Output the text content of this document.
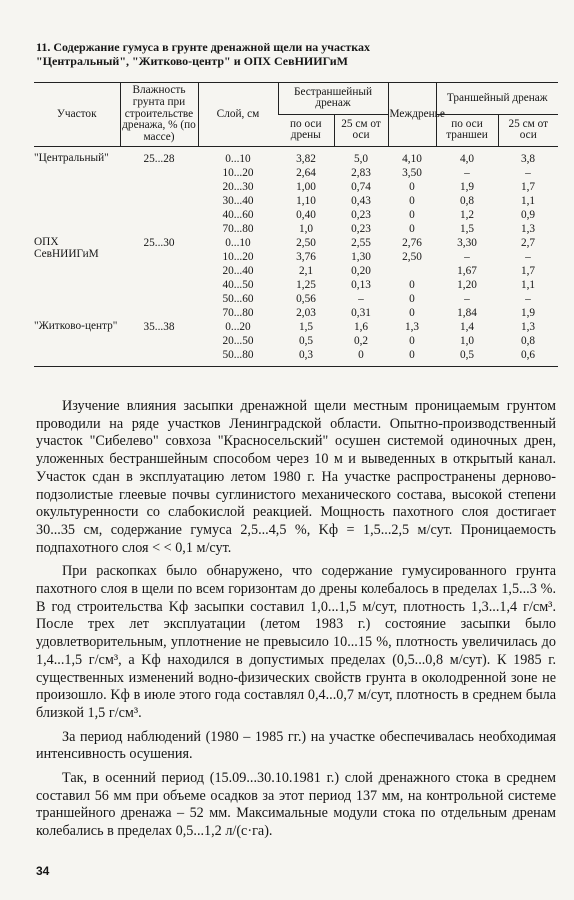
11. Содержание гумуса в грунте дренажной щели на участках
"Центральный", "Житково-центр" и ОПХ СевНИИГиМ
Участок	Влажность грунта при строительстве дренажа, % (по массе)	Слой, см	Бестраншейный дренаж		Междренье	Траншейный дренаж	
			по оси дрены	25 см от оси		по оси траншеи	25 см от оси
"Центральный"	25...28	0...10	3,82	5,0	4,10	4,0	3,8
		10...20	2,64	2,83	3,50	–	–
		20...30	1,00	0,74	0	1,9	1,7
		30...40	1,10	0,43	0	0,8	1,1
		40...60	0,40	0,23	0	1,2	0,9
		70...80	1,0	0,23	0	1,5	1,3
ОПХ СевНИИГиМ	25...30	0...10	2,50	2,55	2,76	3,30	2,7
		10...20	3,76	1,30	2,50	–	–
		20...40	2,1	0,20		1,67	1,7
		40...50	1,25	0,13	0	1,20	1,1
		50...60	0,56	–	0	–	–
		70...80	2,03	0,31	0	1,84	1,9
"Житково-центр"	35...38	0...20	1,5	1,6	1,3	1,4	1,3
		20...50	0,5	0,2	0	1,0	0,8
		50...80	0,3	0	0	0,5	0,6

Изучение влияния засыпки дренажной щели местным проницаемым грунтом проводили на ряде участков Ленинградской области. Опытно-производственный участок "Сибелево" совхоза "Красносельский" осушен системой одиночных дрен, уложенных бестраншейным способом через 10 м и выведенных в открытый канал. Участок сдан в эксплуатацию летом 1980 г. На участке распространены дерново-подзолистые глеевые почвы суглинистого механического состава, высокой степени окультуренности со слабокислой реакцией. Мощность пахотного слоя достигает 30...35 см, содержание гумуса 2,5...4,5 %, Kф = 1,5...2,5 м/сут. Проницаемость подпахотного слоя < < 0,1 м/сут.

При раскопках было обнаружено, что содержание гумусированного грунта пахотного слоя в щели по всем горизонтам до дрены колебалось в пределах 1,5...3 %. В год строительства Kф засыпки составил 1,0...1,5 м/сут, плотность 1,3...1,4 г/см³. После трех лет эксплуатации (летом 1983 г.) состояние засыпки было удовлетворительным, уплотнение не превысило 10...15 %, плотность увеличилась до 1,4...1,5 г/см³, а Kф находился в допустимых пределах (0,5...0,8 м/сут). К 1985 г. существенных изменений водно-физических свойств грунта в околодренной зоне не произошло. Kф в июле этого года составлял 0,4...0,7 м/сут, плотность в среднем была близкой 1,5 г/см³.

За период наблюдений (1980 – 1985 гг.) на участке обеспечивалась необходимая интенсивность осушения.

Так, в осенний период (15.09...30.10.1981 г.) слой дренажного стока в среднем составил 56 мм при объеме осадков за этот период 137 мм, на контрольной системе траншейного дренажа – 52 мм. Максимальные модули стока по отдельным дренам колебались в пределах 0,5...1,2 л/(с·га).

34
